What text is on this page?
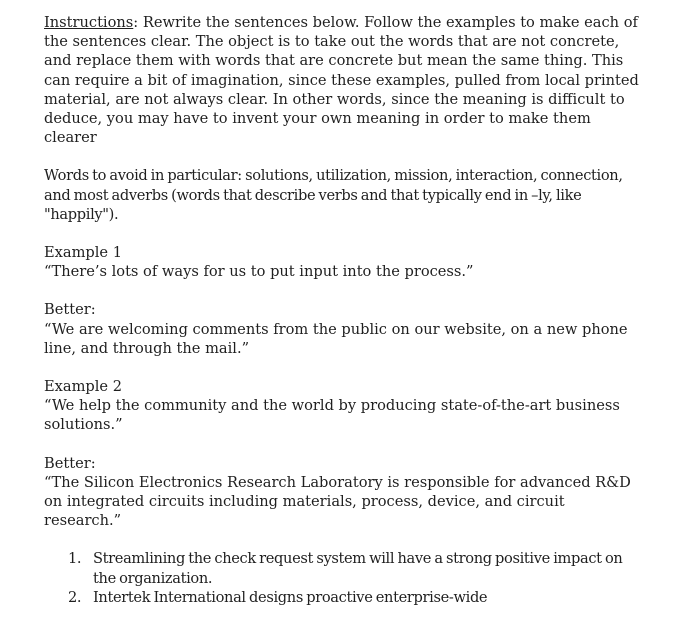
Instructions: Rewrite the sentences below. Follow the examples to make each of the sentences clear. The object is to take out the words that are not concrete, and replace them with words that are concrete but mean the same thing. This can require a bit of imagination, since these examples, pulled from local printed material, are not always clear. In other words, since the meaning is difficult to deduce, you may have to invent your own meaning in order to make them clearer

Words to avoid in particular: solutions, utilization, mission, interaction, connection, and most adverbs (words that describe verbs and that typically end in –ly, like "happily").

Example 1

“There’s lots of ways for us to put input into the process.”

Better:

“We are welcoming comments from the public on our website, on a new phone line, and through the mail.”

Example 2

“We help the community and the world by producing state-of-the-art business solutions.”

Better:

“The Silicon Electronics Research Laboratory is responsible for advanced R&D on integrated circuits including materials, process, device, and circuit research.”

1. Streamlining the check request system will have a strong positive impact on the organization.
2. Intertek International designs proactive enterprise-wide
